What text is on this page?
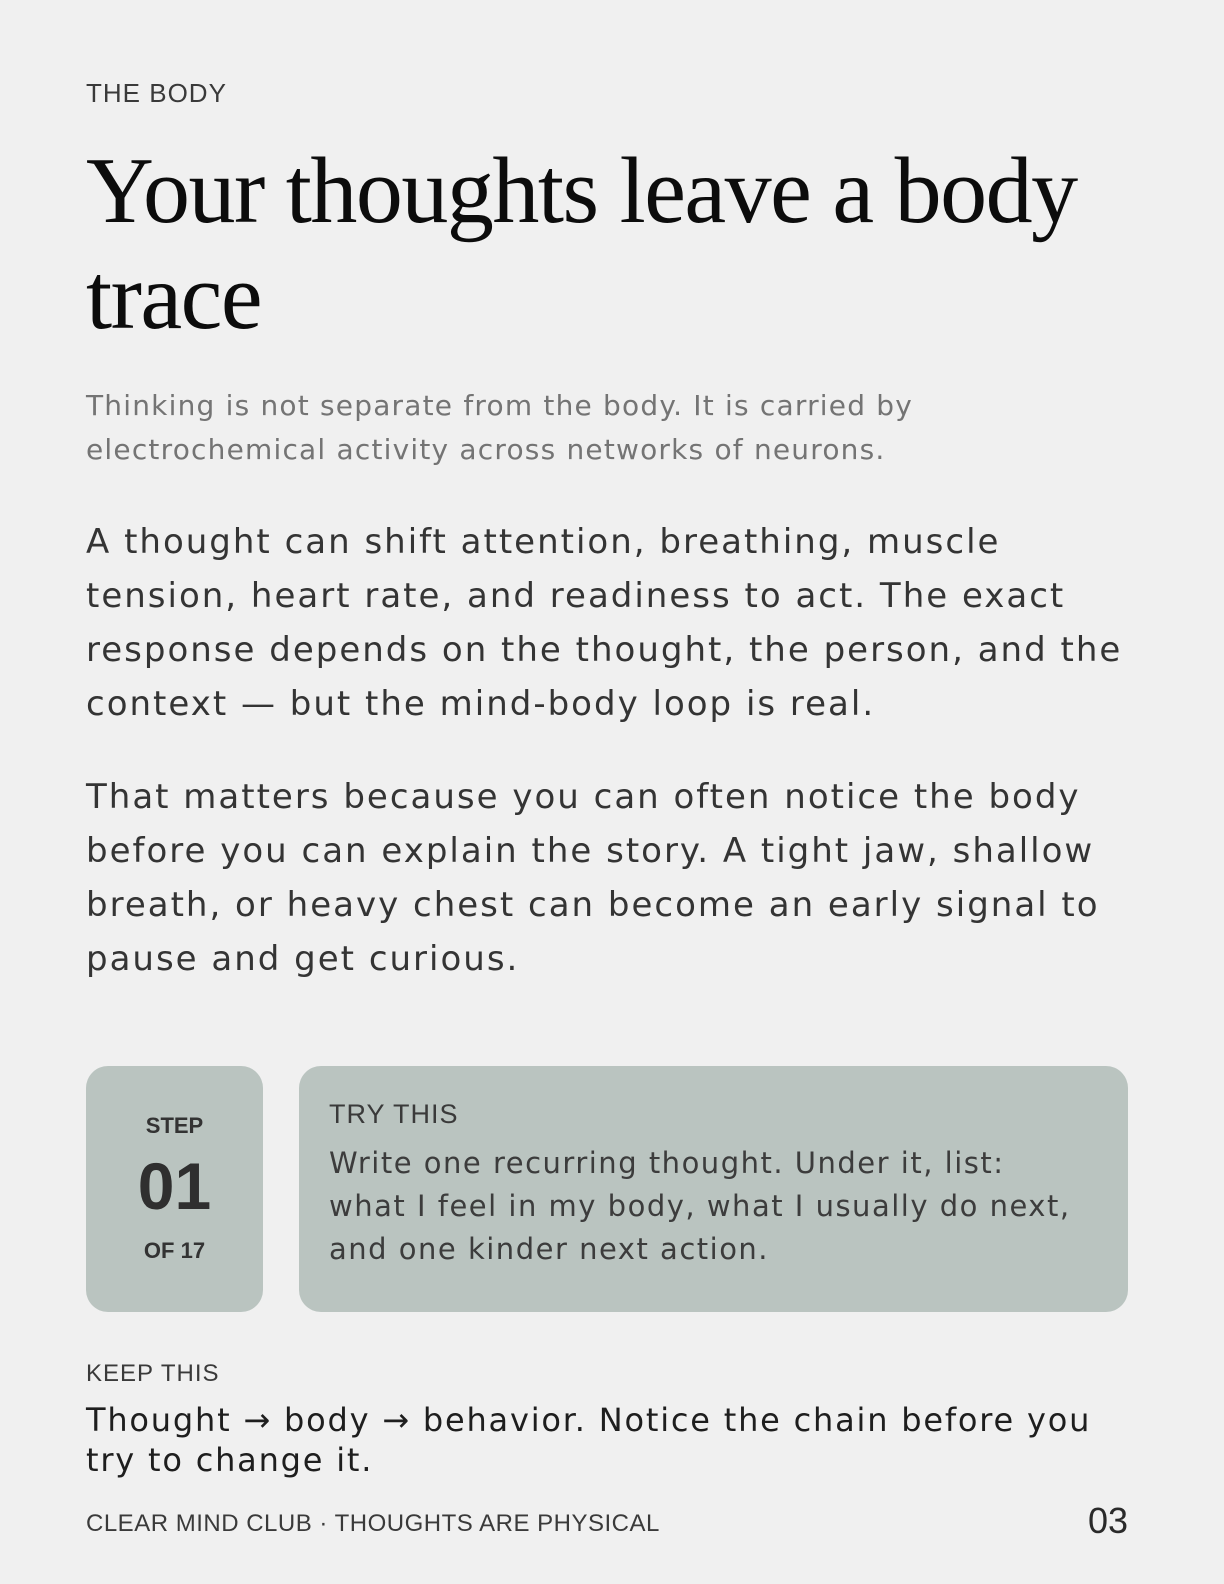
THE BODY
Your thoughts leave a body trace

Thinking is not separate from the body. It is carried by electrochemical activity across networks of neurons.

A thought can shift attention, breathing, muscle tension, heart rate, and readiness to act. The exact response depends on the thought, the person, and the context — but the mind-body loop is real.

That matters because you can often notice the body before you can explain the story. A tight jaw, shallow breath, or heavy chest can become an early signal to pause and get curious.

STEP
01
OF 17
TRY THIS

Write one recurring thought. Under it, list: what I feel in my body, what I usually do next, and one kinder next action.

KEEP THIS

Thought → body → behavior. Notice the chain before you try to change it.

CLEAR MIND CLUB · THOUGHTS ARE PHYSICAL	03
